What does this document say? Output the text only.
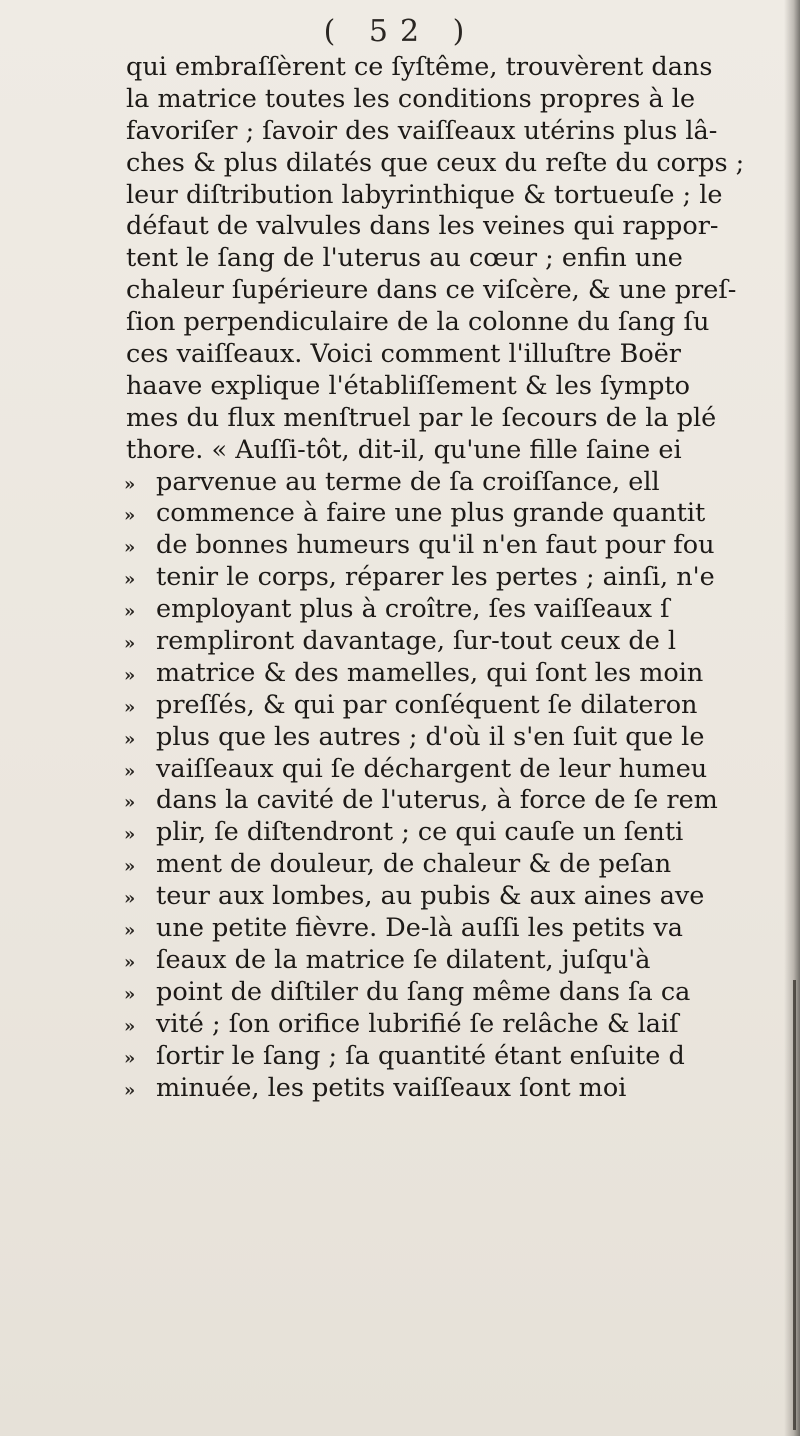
( 52 )
qui embraſſèrent ce ſyſtême, trouvèrent dans
la matrice toutes les conditions propres à le
favoriſer ; ſavoir des vaiſſeaux utérins plus lâ-
ches & plus dilatés que ceux du reſte du corps ;
leur diſtribution labyrinthique & tortueuſe ; le
défaut de valvules dans les veines qui rappor-
tent le ſang de l'uterus au cœur ; enfin une
chaleur ſupérieure dans ce viſcère, & une preſ-
ſion perpendiculaire de la colonne du ſang ſu
ces vaiſſeaux. Voici comment l'illuſtre Boër
haave explique l'établiſſement & les ſympto
mes du flux menſtruel par le ſecours de la plé
thore. « Auſſi-tôt, dit-il, qu'une fille ſaine ei
» parvenue au terme de ſa croiſſance, ell
» commence à faire une plus grande quantit
» de bonnes humeurs qu'il n'en faut pour fou
» tenir le corps, réparer les pertes ; ainſi, n'e
» employant plus à croître, ſes vaiſſeaux ſ
» rempliront davantage, ſur-tout ceux de l
» matrice & des mamelles, qui ſont les moin
» preſſés, & qui par conſéquent ſe dilateron
» plus que les autres ; d'où il s'en ſuit que le
» vaiſſeaux qui ſe déchargent de leur humeu
» dans la cavité de l'uterus, à force de ſe rem
» plir, ſe diſtendront ; ce qui cauſe un ſenti
» ment de douleur, de chaleur & de peſan
» teur aux lombes, au pubis & aux aines ave
» une petite fièvre. De-là auſſi les petits va
» ſeaux de la matrice ſe dilatent, juſqu'à
» point de diſtiler du ſang même dans ſa ca
» vité ; ſon orifice lubrifié ſe relâche & laiſ
» ſortir le ſang ; ſa quantité étant enſuite d
» minuée, les petits vaiſſeaux ſont moi
